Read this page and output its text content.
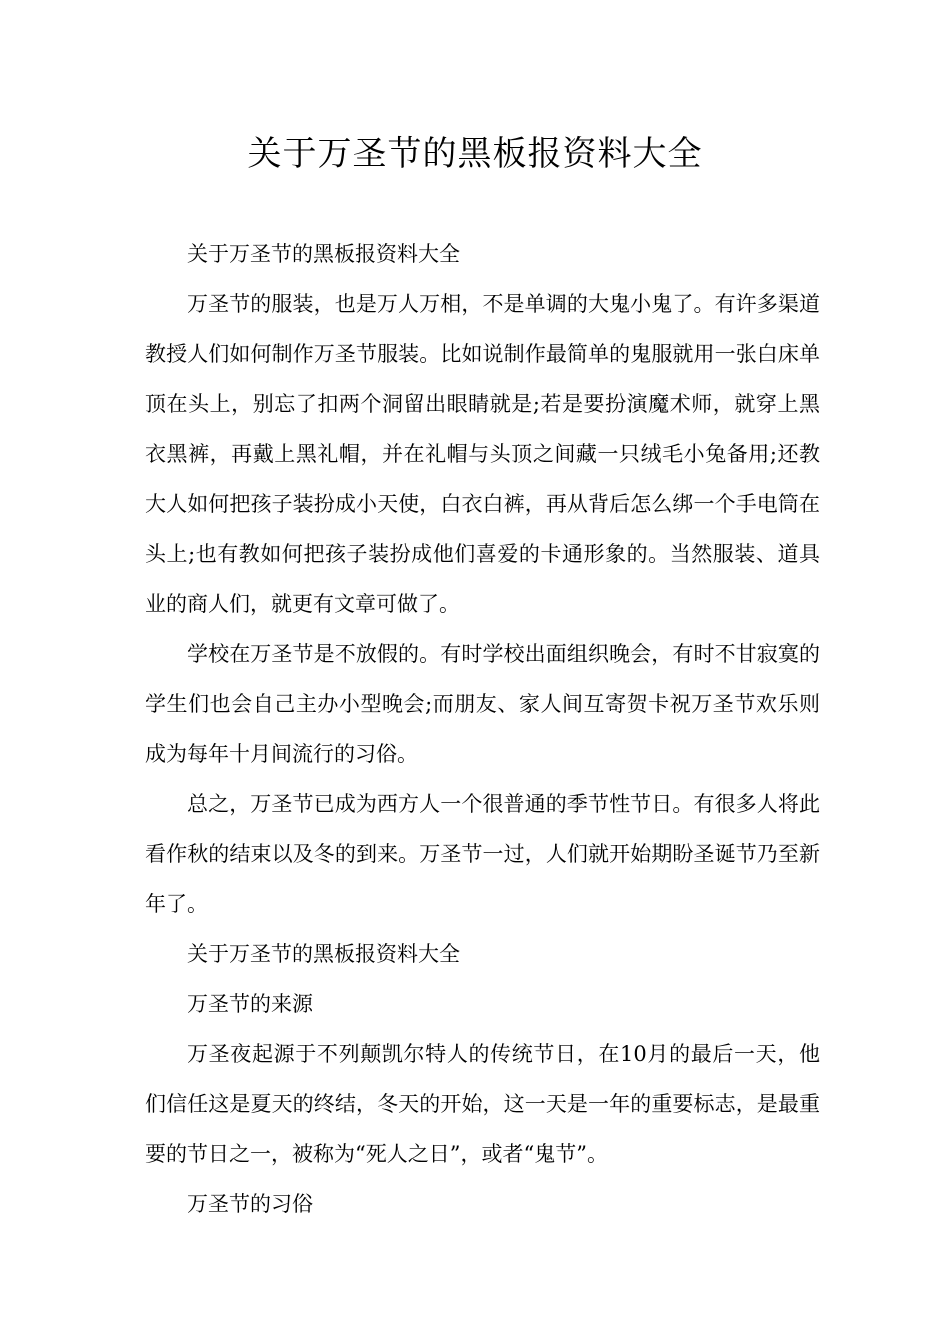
关于万圣节的黑板报资料大全

关于万圣节的黑板报资料大全

万圣节的服装，也是万人万相，不是单调的大鬼小鬼了。有许多渠道教授人们如何制作万圣节服装。比如说制作最简单的鬼服就用一张白床单顶在头上，别忘了扣两个洞留出眼睛就是;若是要扮演魔术师，就穿上黑衣黑裤，再戴上黑礼帽，并在礼帽与头顶之间藏一只绒毛小兔备用;还教大人如何把孩子装扮成小天使，白衣白裤，再从背后怎么绑一个手电筒在头上;也有教如何把孩子装扮成他们喜爱的卡通形象的。当然服装、道具业的商人们，就更有文章可做了。

学校在万圣节是不放假的。有时学校出面组织晚会，有时不甘寂寞的学生们也会自己主办小型晚会;而朋友、家人间互寄贺卡祝万圣节欢乐则成为每年十月间流行的习俗。

总之，万圣节已成为西方人一个很普通的季节性节日。有很多人将此看作秋的结束以及冬的到来。万圣节一过，人们就开始期盼圣诞节乃至新年了。

关于万圣节的黑板报资料大全

万圣节的来源

万圣夜起源于不列颠凯尔特人的传统节日，在10月的最后一天，他们信任这是夏天的终结，冬天的开始，这一天是一年的重要标志，是最重要的节日之一，被称为“死人之日”，或者“鬼节”。

万圣节的习俗
